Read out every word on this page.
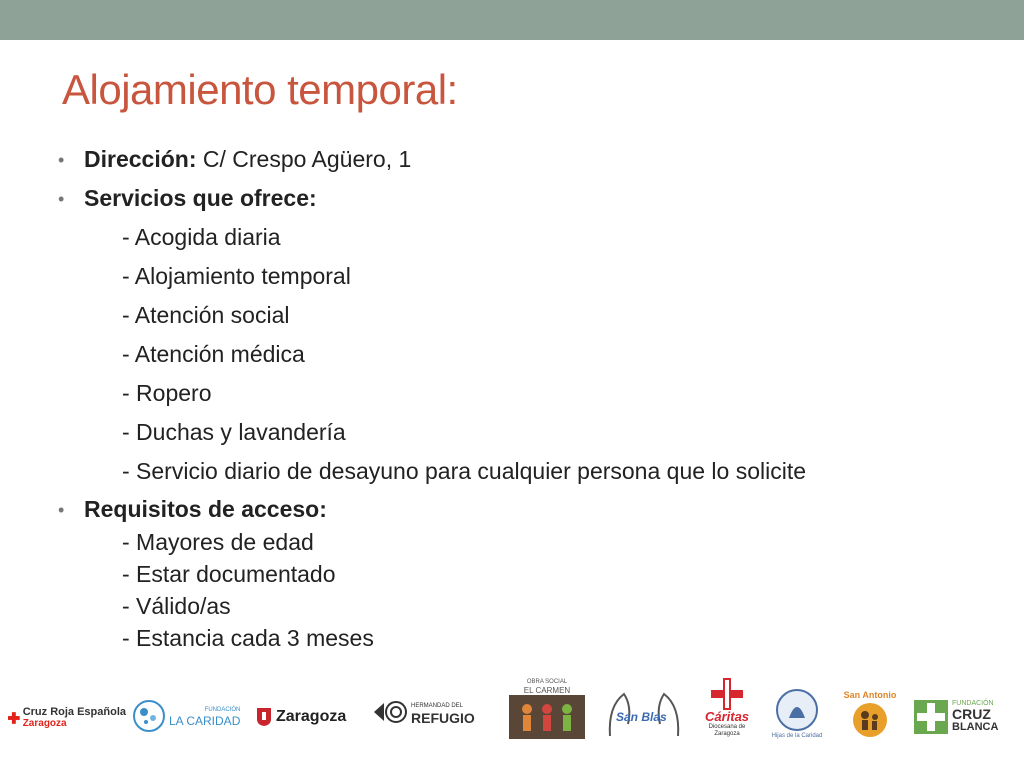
Alojamiento temporal:
• Dirección: C/ Crespo Agüero, 1
• Servicios que ofrece:
- Acogida diaria
- Alojamiento temporal
- Atención social
- Atención médica
- Ropero
- Duchas y lavandería
- Servicio diario de desayuno para cualquier persona que lo solicite
• Requisitos de acceso:
- Mayores de edad
- Estar documentado
- Válido/as
- Estancia cada 3 meses
Cruz Roja Española
Zaragoza
FUNDACIÓN
LA CARIDAD Zaragoza
HERMANDAD DEL
REFUGIO
OBRA SOCIAL
EL CARMEN
San Blas	Cáritas
Diocesana de Zaragoza	Hijas de la Caridad
San Antonio
FUNDACIÓN
CRUZ
BLANCA
